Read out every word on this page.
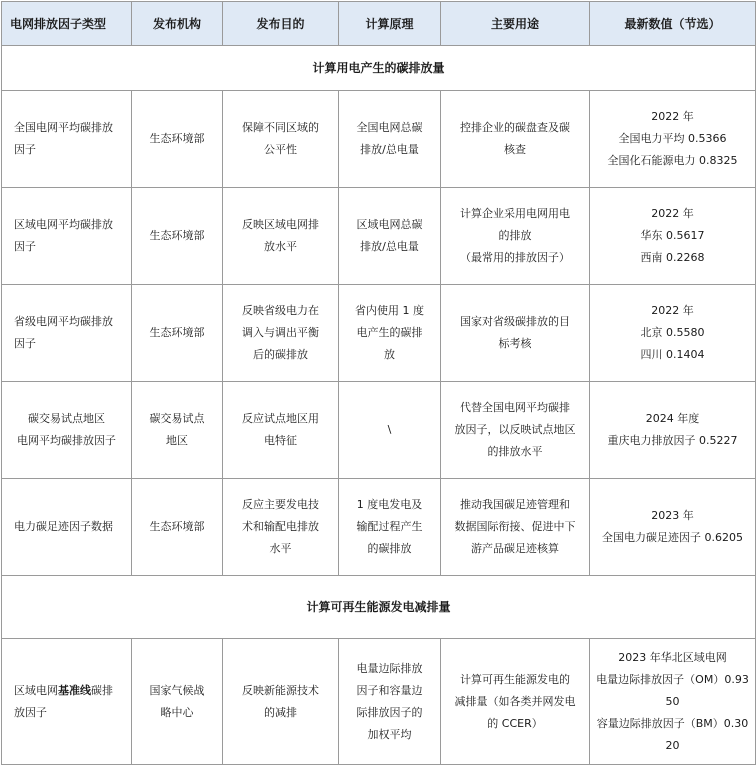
电网排放因子类型	发布机构	发布目的	计算原理	主要用途	最新数值（节选）
计算用电产生的碳排放量					

全国电网平均碳排放
因子	生态环境部	保障不同区域的
公平性	全国电网总碳
排放/总电量	控排企业的碳盘查及碳
核查	2022 年
全国电力平均 0.5366
全国化石能源电力 0.8325

区域电网平均碳排放
因子	生态环境部	反映区域电网排
放水平	区域电网总碳
排放/总电量	计算企业采用电网用电
的排放
（最常用的排放因子）	2022 年
华东 0.5617
西南 0.2268

省级电网平均碳排放
因子	生态环境部	反映省级电力在
调入与调出平衡
后的碳排放	省内使用 1 度
电产生的碳排
放	国家对省级碳排放的目
标考核	2022 年
北京 0.5580
四川 0.1404

碳交易试点地区
电网平均碳排放因子	碳交易试点
地区	反应试点地区用
电特征	\	代替全国电网平均碳排
放因子，以反映试点地区
的排放水平	2024 年度
重庆电力排放因子 0.5227

电力碳足迹因子数据	生态环境部	反应主要发电技
术和输配电排放
水平	1 度电发电及
输配过程产生
的碳排放	推动我国碳足迹管理和
数据国际衔接、促进中下
游产品碳足迹核算	2023 年
全国电力碳足迹因子 0.6205

计算可再生能源发电减排量					

区域电网基准线碳排
放因子	国家气候战
略中心	反映新能源技术
的减排	电量边际排放
因子和容量边
际排放因子的
加权平均	计算可再生能源发电的
减排量（如各类并网发电
的 CCER）	2023 年华北区域电网
电量边际排放因子（OM）0.9350
容量边际排放因子（BM）0.3020
